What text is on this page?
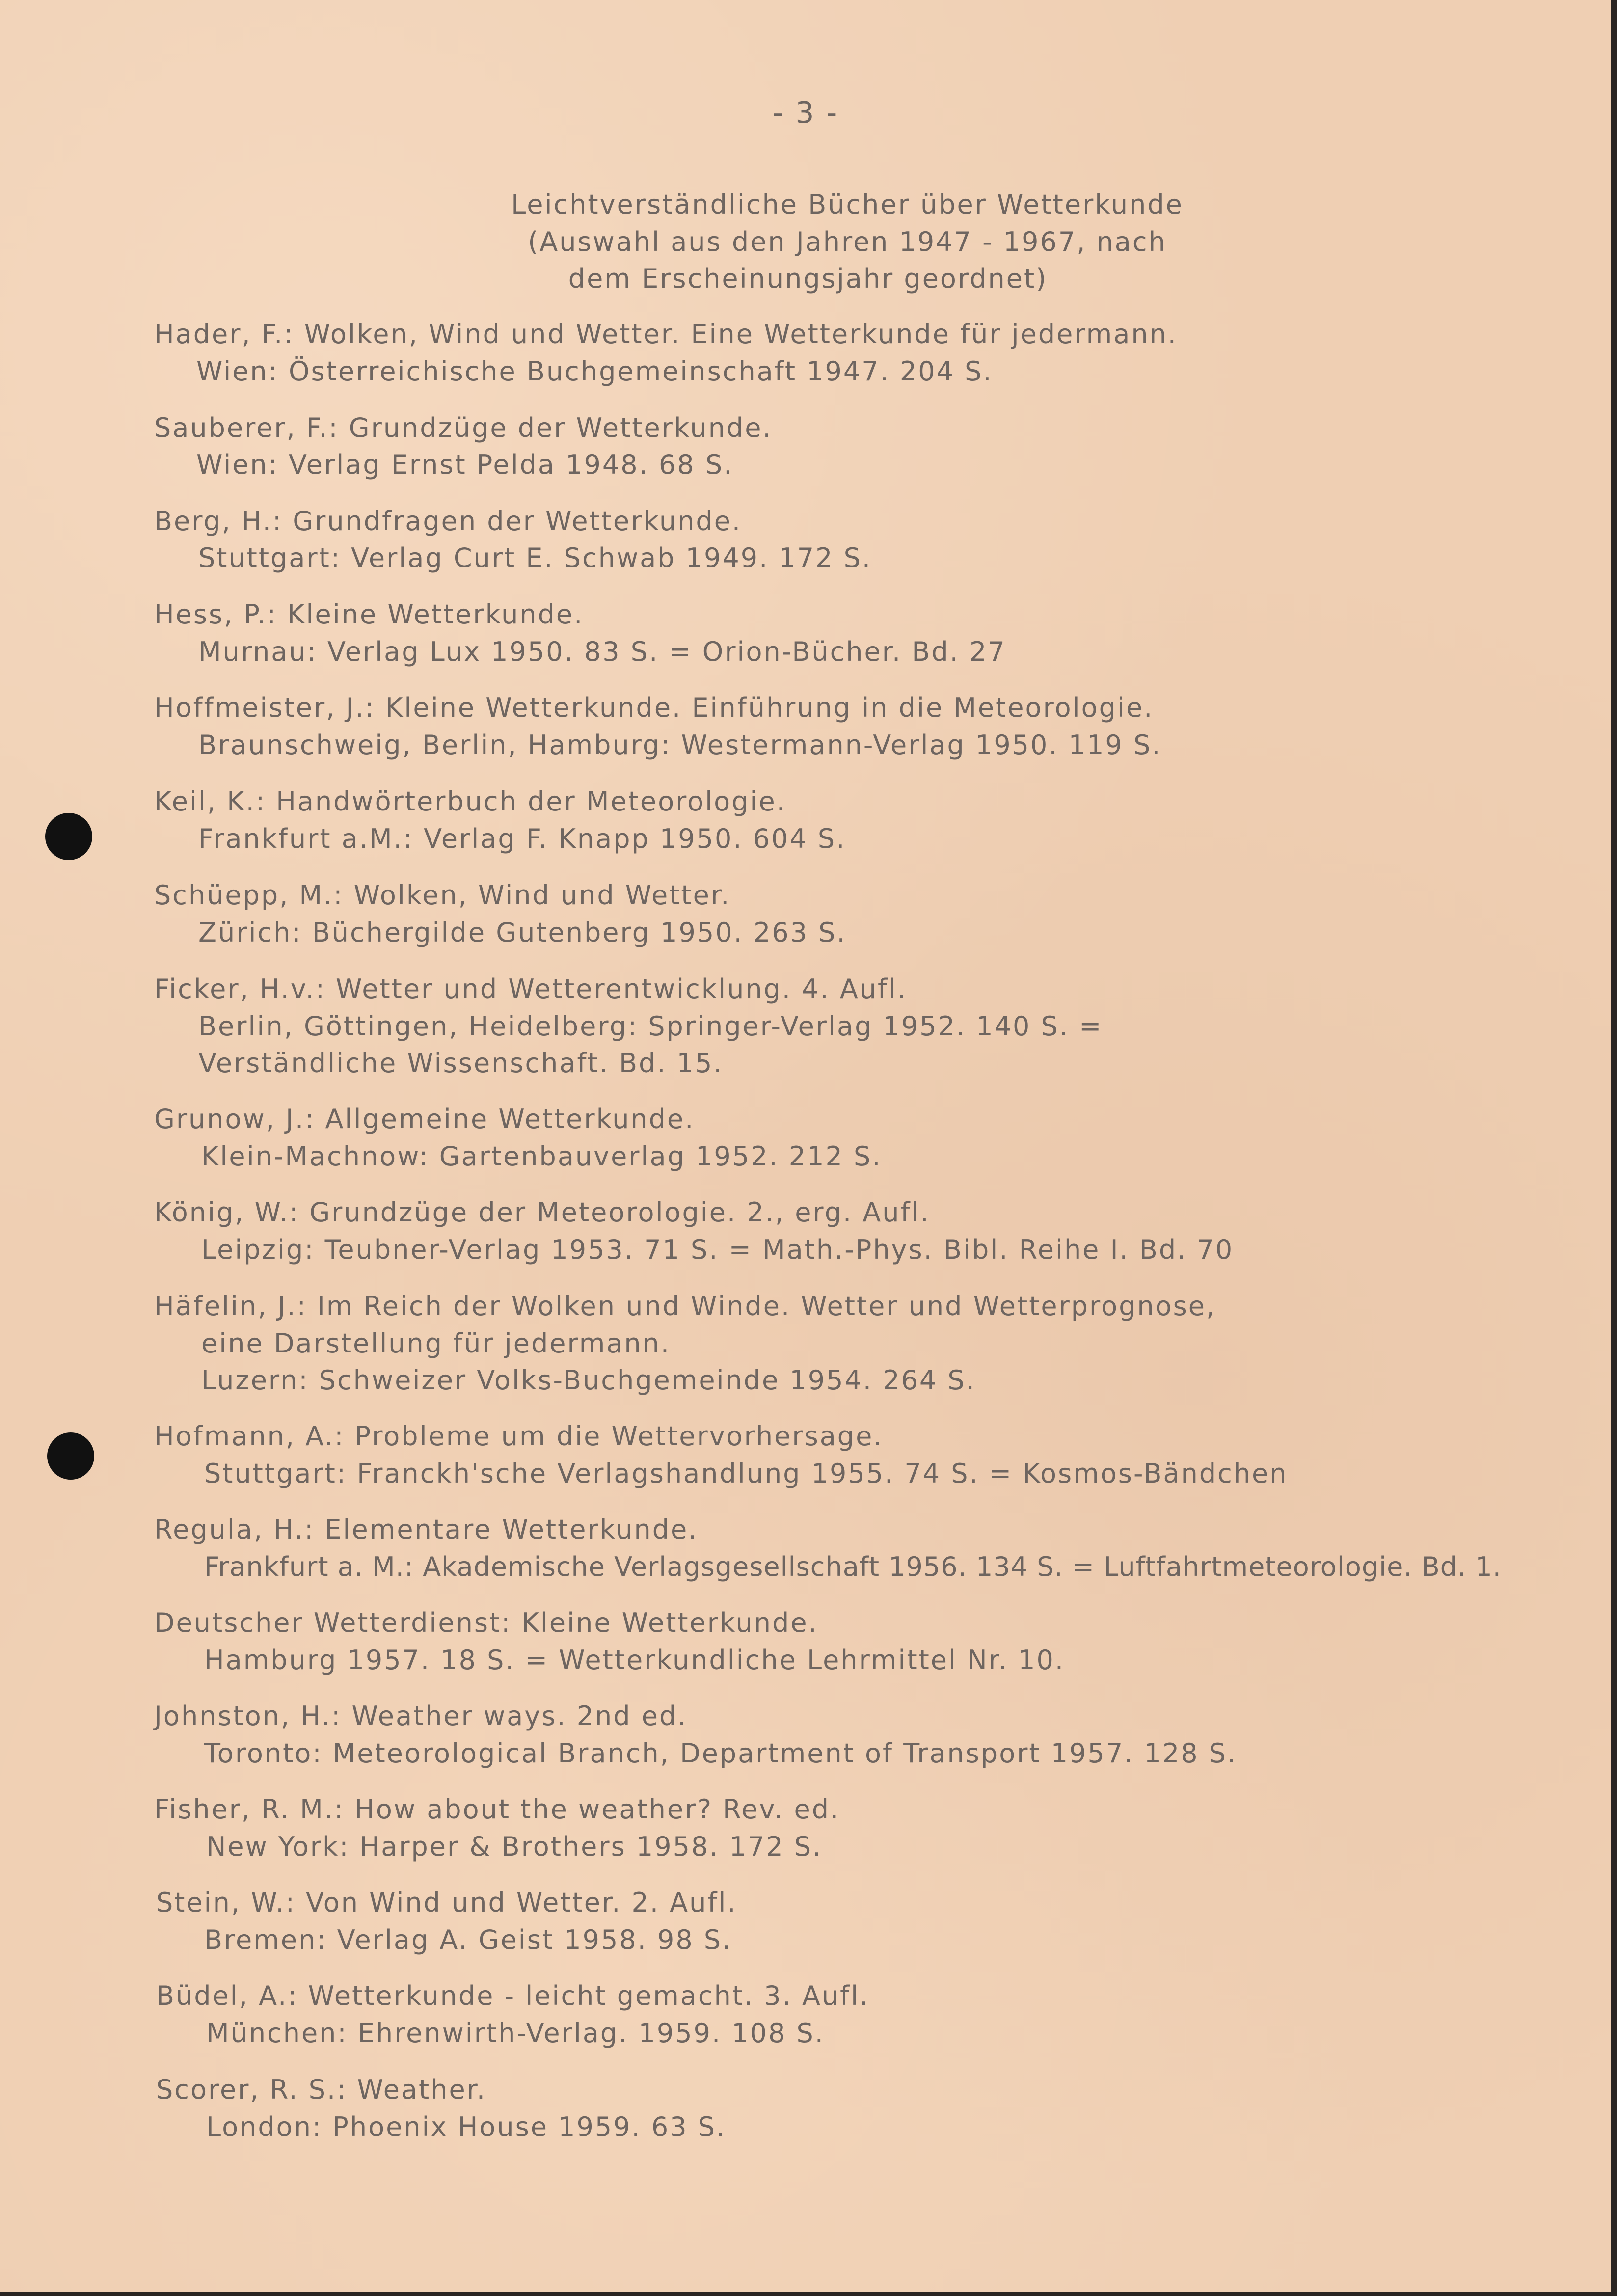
- 3 -
Leichtverständliche Bücher über Wetterkunde
(Auswahl aus den Jahren 1947 - 1967, nach
dem Erscheinungsjahr geordnet)
Hader, F.: Wolken, Wind und Wetter. Eine Wetterkunde für jedermann.
Wien: Österreichische Buchgemeinschaft 1947. 204 S.
Sauberer, F.: Grundzüge der Wetterkunde.
Wien: Verlag Ernst Pelda 1948. 68 S.
Berg, H.: Grundfragen der Wetterkunde.
Stuttgart: Verlag Curt E. Schwab 1949. 172 S.
Hess, P.: Kleine Wetterkunde.
Murnau: Verlag Lux 1950. 83 S. = Orion-Bücher. Bd. 27
Hoffmeister, J.: Kleine Wetterkunde. Einführung in die Meteorologie.
Braunschweig, Berlin, Hamburg: Westermann-Verlag 1950. 119 S.
Keil, K.: Handwörterbuch der Meteorologie.
Frankfurt a.M.: Verlag F. Knapp 1950. 604 S.
Schüepp, M.: Wolken, Wind und Wetter.
Zürich: Büchergilde Gutenberg 1950. 263 S.
Ficker, H.v.: Wetter und Wetterentwicklung. 4. Aufl.
Berlin, Göttingen, Heidelberg: Springer-Verlag 1952. 140 S. =
Verständliche Wissenschaft. Bd. 15.
Grunow, J.: Allgemeine Wetterkunde.
Klein-Machnow: Gartenbauverlag 1952. 212 S.
König, W.: Grundzüge der Meteorologie. 2., erg. Aufl.
Leipzig: Teubner-Verlag 1953. 71 S. = Math.-Phys. Bibl. Reihe I. Bd. 70
Häfelin, J.: Im Reich der Wolken und Winde. Wetter und Wetterprognose,
eine Darstellung für jedermann.
Luzern: Schweizer Volks-Buchgemeinde 1954. 264 S.
Hofmann, A.: Probleme um die Wettervorhersage.
Stuttgart: Franckh'sche Verlagshandlung 1955. 74 S. = Kosmos-Bändchen
Regula, H.: Elementare Wetterkunde.
Frankfurt a. M.: Akademische Verlagsgesellschaft 1956. 134 S. = Luftfahrtmeteorologie. Bd. 1.
Deutscher Wetterdienst: Kleine Wetterkunde.
Hamburg 1957. 18 S. = Wetterkundliche Lehrmittel Nr. 10.
Johnston, H.: Weather ways. 2nd ed.
Toronto: Meteorological Branch, Department of Transport 1957. 128 S.
Fisher, R. M.: How about the weather? Rev. ed.
New York: Harper & Brothers 1958. 172 S.
Stein, W.: Von Wind und Wetter. 2. Aufl.
Bremen: Verlag A. Geist 1958. 98 S.
Büdel, A.: Wetterkunde - leicht gemacht. 3. Aufl.
München: Ehrenwirth-Verlag. 1959. 108 S.
Scorer, R. S.: Weather.
London: Phoenix House 1959. 63 S.
